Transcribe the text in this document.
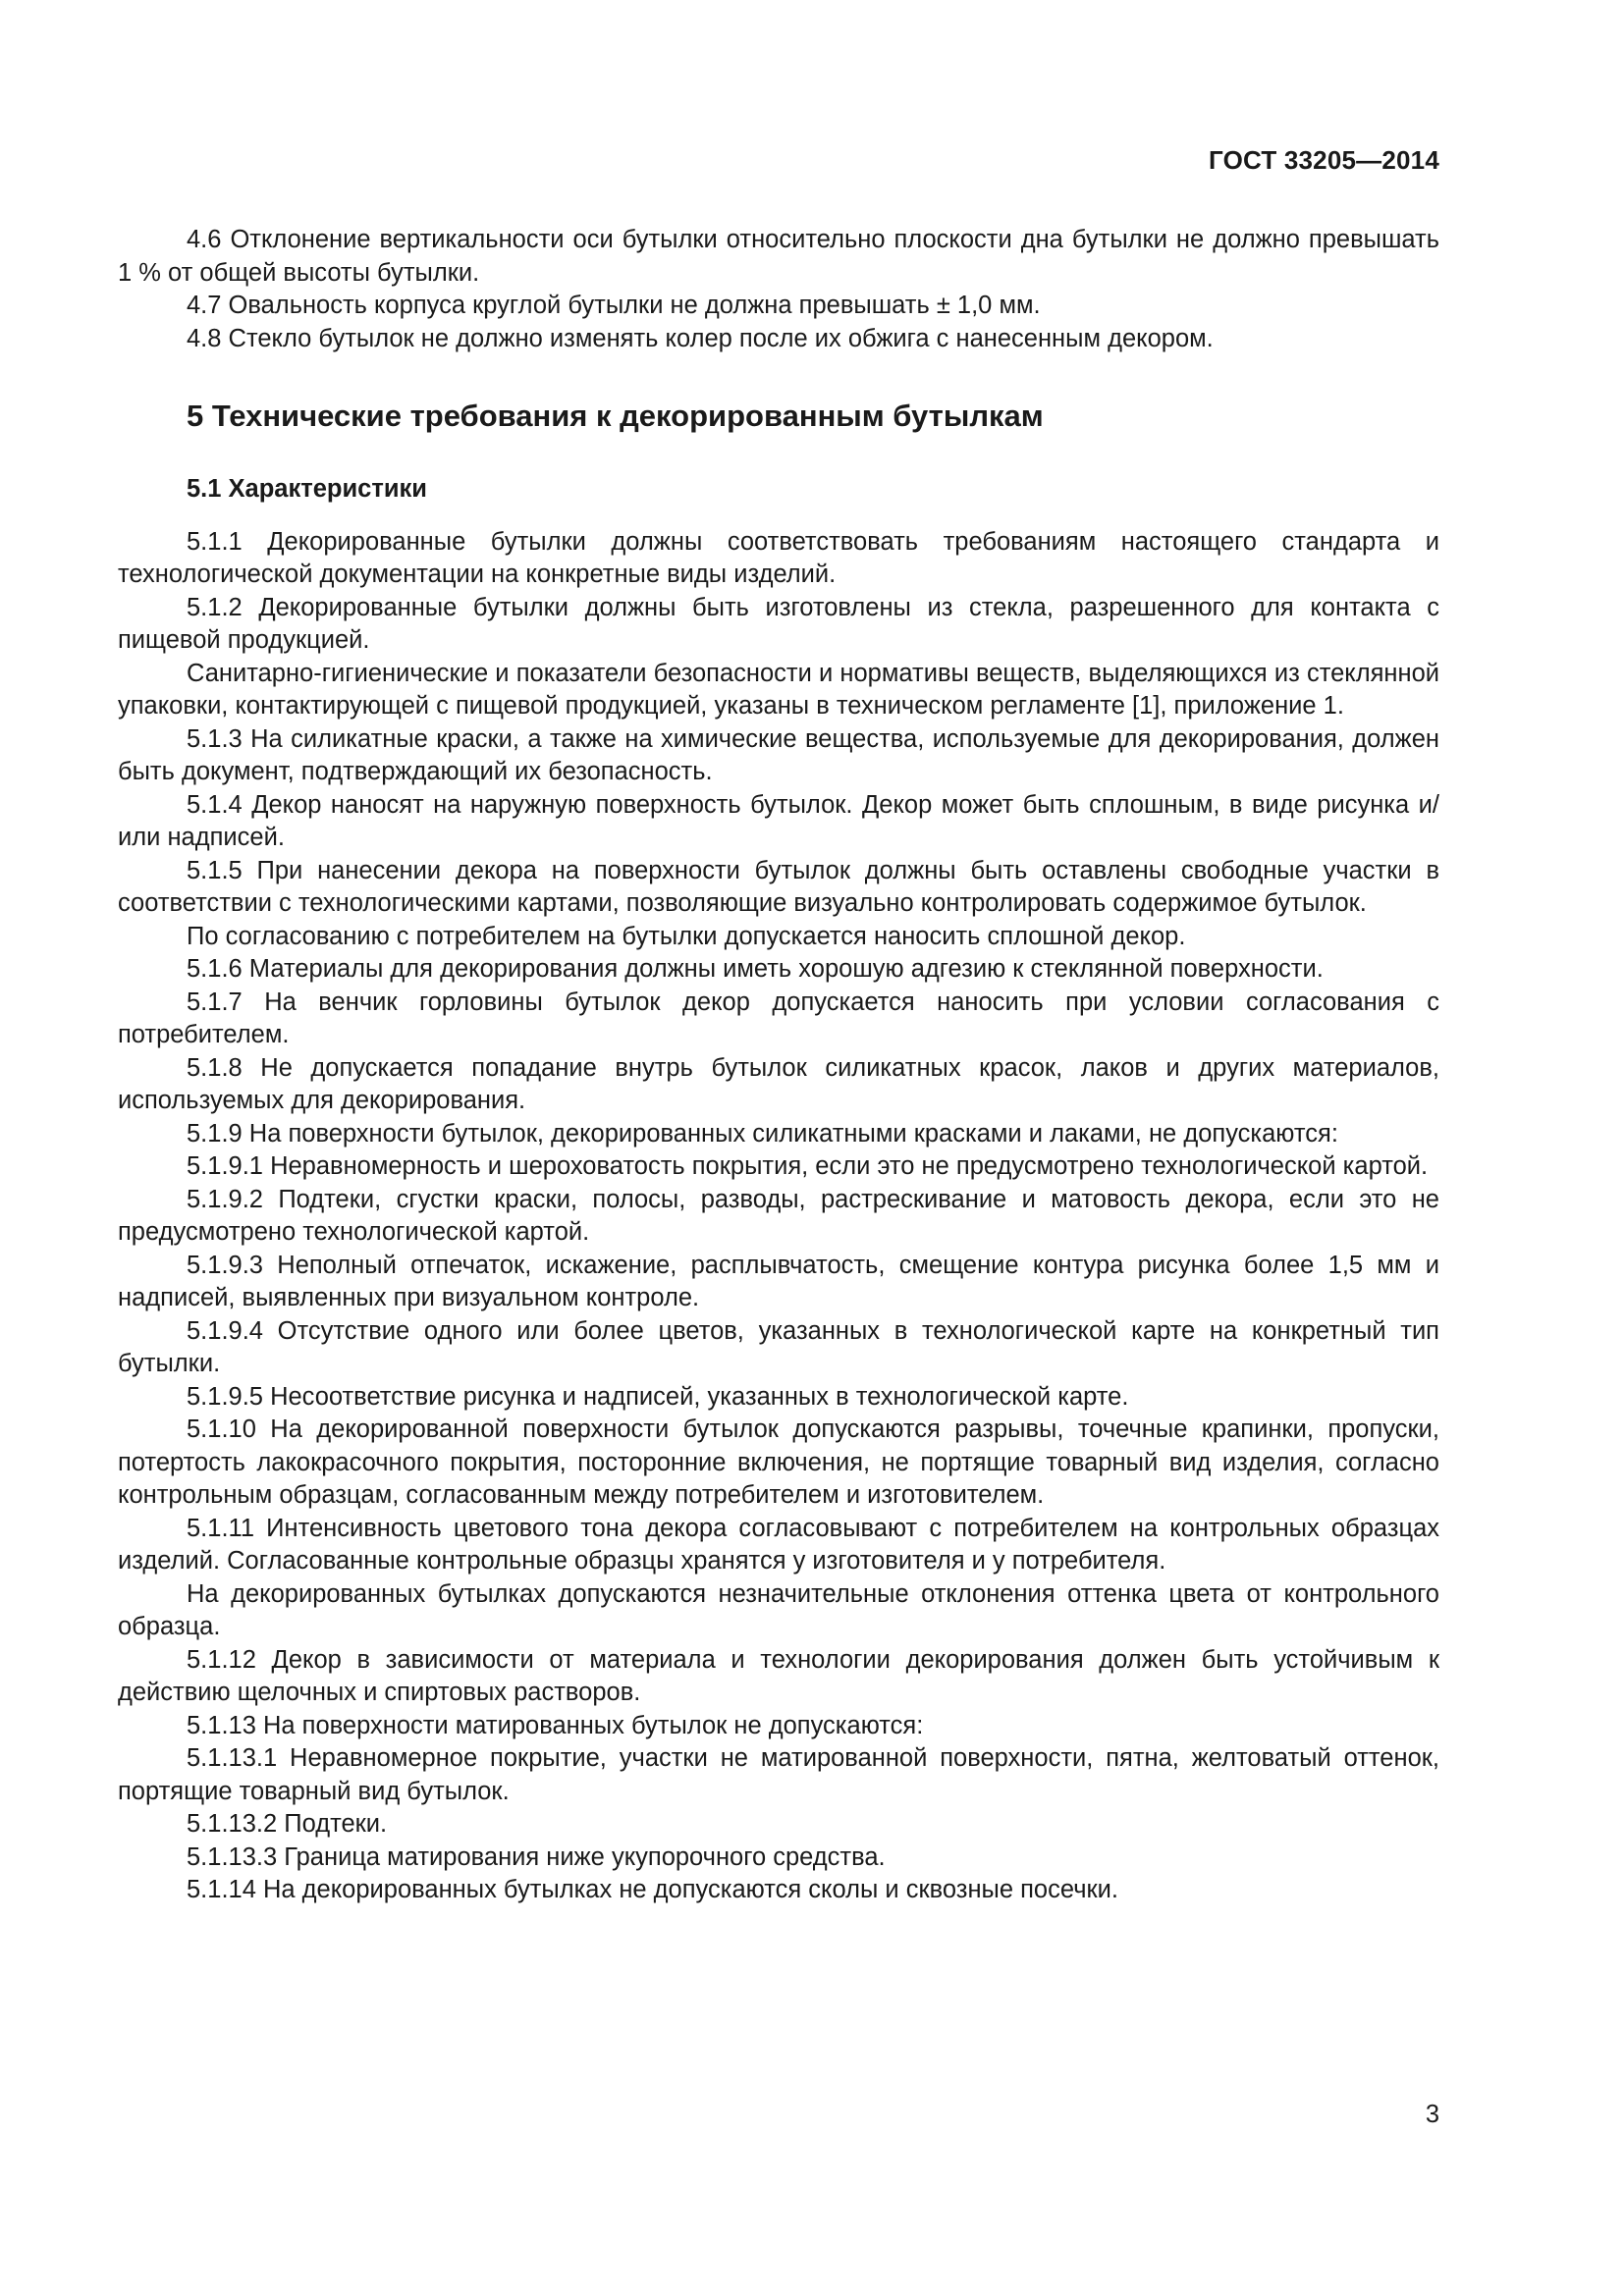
ГОСТ 33205—2014

4.6 Отклонение вертикальности оси бутылки относительно плоскости дна бутылки не должно превышать 1 % от общей высоты бутылки.

4.7 Овальность корпуса круглой бутылки не должна превышать ± 1,0 мм.

4.8 Стекло бутылок не должно изменять колер после их обжига с нанесенным декором.

5 Технические требования к декорированным бутылкам
5.1 Характеристики

5.1.1 Декорированные бутылки должны соответствовать требованиям настоящего стандарта и технологической документации на конкретные виды изделий.

5.1.2 Декорированные бутылки должны быть изготовлены из стекла, разрешенного для контакта с пищевой продукцией.

Санитарно-гигиенические и показатели безопасности и нормативы веществ, выделяющихся из стеклянной упаковки, контактирующей с пищевой продукцией, указаны в техническом регламенте [1], приложение 1.

5.1.3 На силикатные краски, а также на химические вещества, используемые для декорирования, должен быть документ, подтверждающий их безопасность.

5.1.4 Декор наносят на наружную поверхность бутылок. Декор может быть сплошным, в виде рисунка и/или надписей.

5.1.5 При нанесении декора на поверхности бутылок должны быть оставлены свободные участки в соответствии с технологическими картами, позволяющие визуально контролировать содержимое бутылок.

По согласованию с потребителем на бутылки допускается наносить сплошной декор.

5.1.6 Материалы для декорирования должны иметь хорошую адгезию к стеклянной поверхности.

5.1.7 На венчик горловины бутылок декор допускается наносить при условии согласования с потребителем.

5.1.8 Не допускается попадание внутрь бутылок силикатных красок, лаков и других материалов, используемых для декорирования.

5.1.9 На поверхности бутылок, декорированных силикатными красками и лаками, не допускаются:

5.1.9.1 Неравномерность и шероховатость покрытия, если это не предусмотрено технологической картой.

5.1.9.2 Подтеки, сгустки краски, полосы, разводы, растрескивание и матовость декора, если это не предусмотрено технологической картой.

5.1.9.3 Неполный отпечаток, искажение, расплывчатость, смещение контура рисунка более 1,5 мм и надписей, выявленных при визуальном контроле.

5.1.9.4 Отсутствие одного или более цветов, указанных в технологической карте на конкретный тип бутылки.

5.1.9.5 Несоответствие рисунка и надписей, указанных в технологической карте.

5.1.10 На декорированной поверхности бутылок допускаются разрывы, точечные крапинки, пропуски, потертость лакокрасочного покрытия, посторонние включения, не портящие товарный вид изделия, согласно контрольным образцам, согласованным между потребителем и изготовителем.

5.1.11 Интенсивность цветового тона декора согласовывают с потребителем на контрольных образцах изделий. Согласованные контрольные образцы хранятся у изготовителя и у потребителя.

На декорированных бутылках допускаются незначительные отклонения оттенка цвета от контрольного образца.

5.1.12 Декор в зависимости от материала и технологии декорирования должен быть устойчивым к действию щелочных и спиртовых растворов.

5.1.13 На поверхности матированных бутылок не допускаются:

5.1.13.1 Неравномерное покрытие, участки не матированной поверхности, пятна, желтоватый оттенок, портящие товарный вид бутылок.

5.1.13.2 Подтеки.

5.1.13.3 Граница матирования ниже укупорочного средства.

5.1.14 На декорированных бутылках не допускаются сколы и сквозные посечки.

3
